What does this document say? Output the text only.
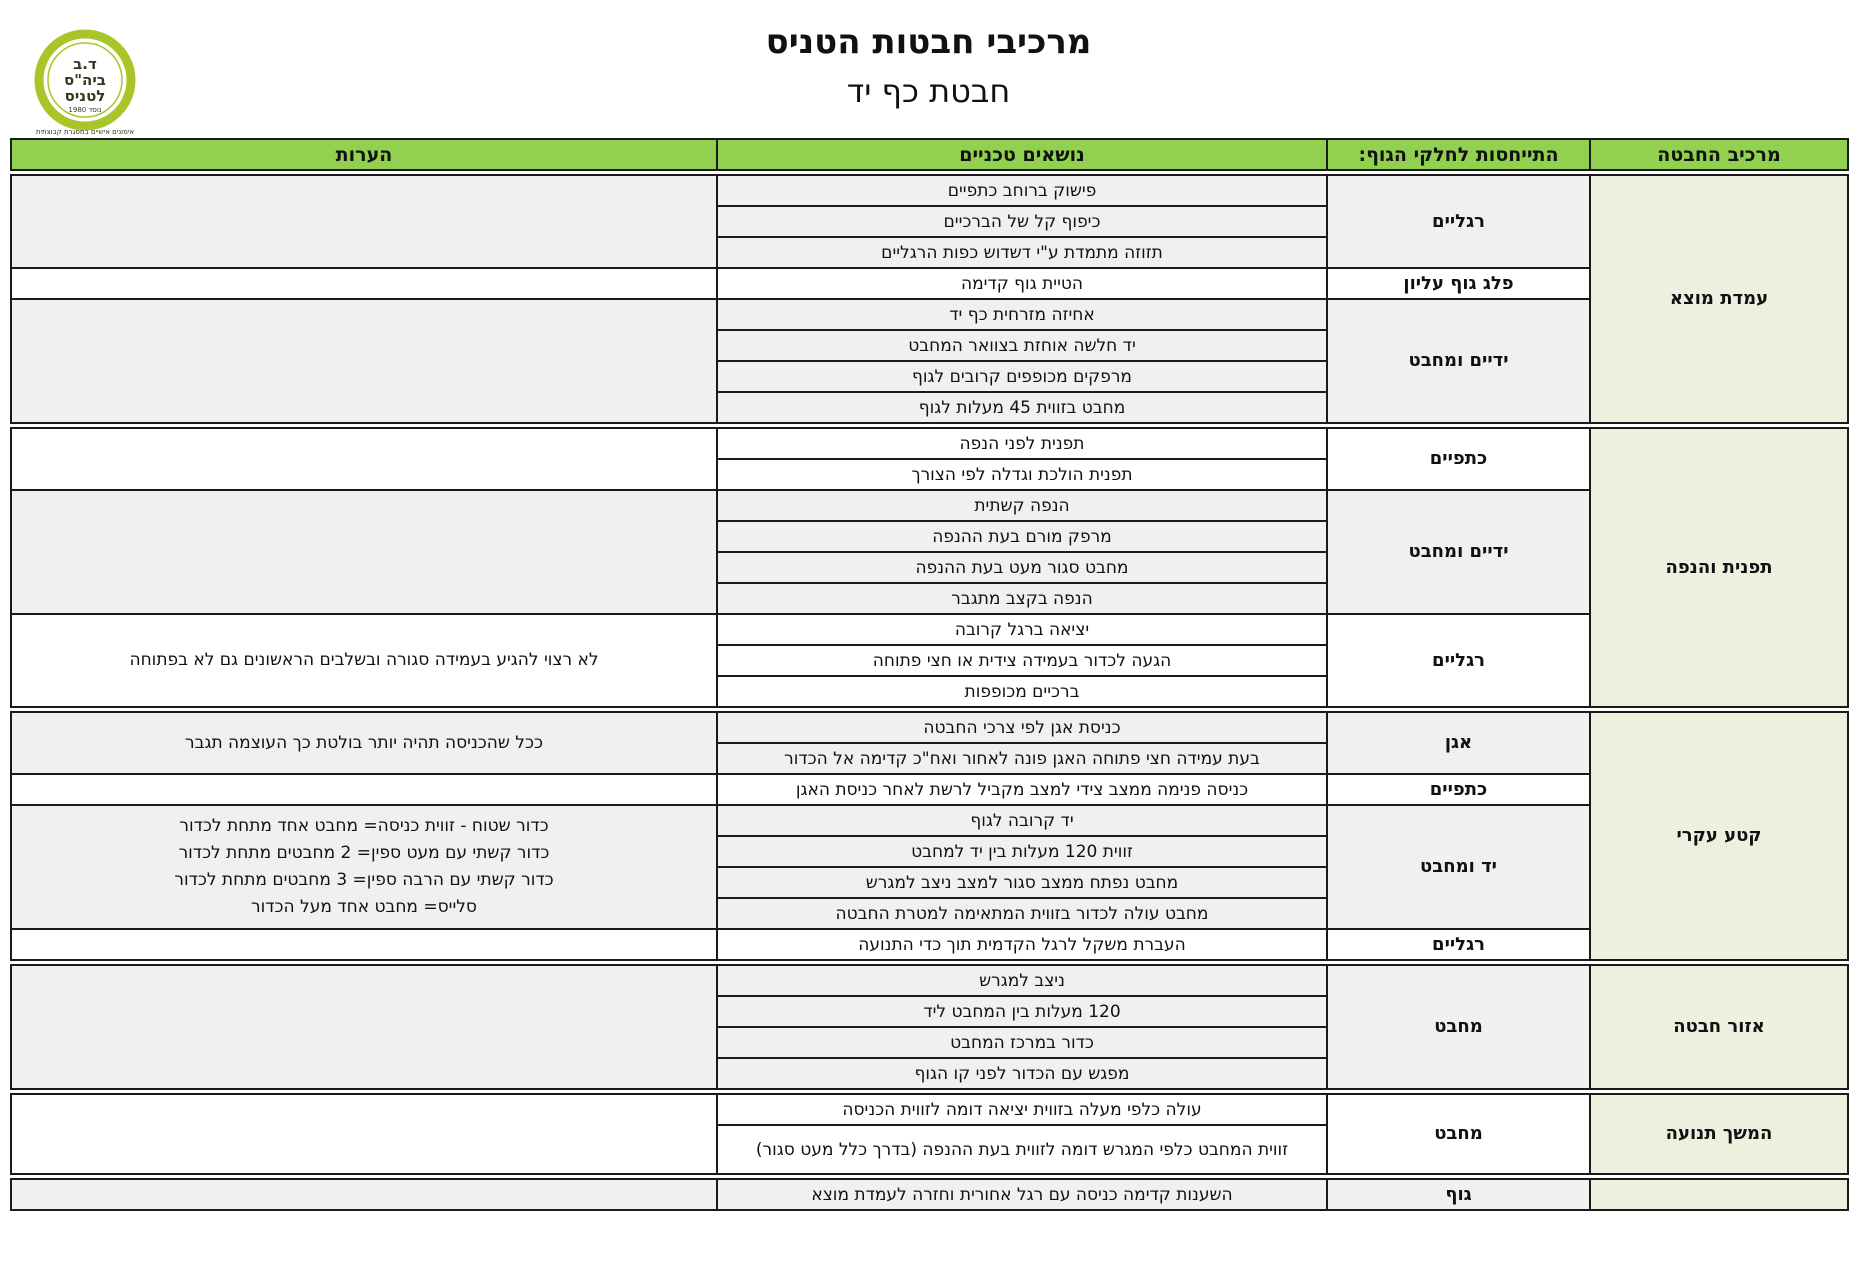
ד.ב
ביה"ס
לטניס
נוסד 1980
אימונים אישיים במסגרת קבוצתית
מרכיבי חבטות הטניס
חבטת כף יד
מרכיב החבטה	התייחסות לחלקי הגוף:	נושאים טכניים	הערות

עמדת מוצא	רגליים	פישוק ברוחב כתפיים	
		כיפוף קל של הברכיים	
		תזוזה מתמדת ע"י דשדוש כפות הרגליים	
	פלג גוף עליון	הטיית גוף קדימה	
	ידיים ומחבט	אחיזה מזרחית כף יד	
		יד חלשה אוחזת בצוואר המחבט	
		מרפקים מכופפים קרובים לגוף	
		מחבט בזווית 45 מעלות לגוף	

תפנית והנפה	כתפיים	תפנית לפני הנפה	
		תפנית הולכת וגדלה לפי הצורך	
	ידיים ומחבט	הנפה קשתית	
		מרפק מורם בעת ההנפה	
		מחבט סגור מעט בעת ההנפה	
		הנפה בקצב מתגבר	
	רגליים	יציאה ברגל קרובה	לא רצוי להגיע בעמידה סגורה ובשלבים הראשונים גם לא בפתוחה
		הגעה לכדור בעמידה צידית או חצי פתוחה	
		ברכיים מכופפות	

קטע עקרי	אגן	כניסת אגן לפי צרכי החבטה	ככל שהכניסה תהיה יותר בולטת כך העוצמה תגבר
		בעת עמידה חצי פתוחה האגן פונה לאחור ואח"כ קדימה אל הכדור	
	כתפיים	כניסה פנימה ממצב צידי למצב מקביל לרשת לאחר כניסת האגן	
	יד ומחבט	יד קרובה לגוף	כדור שטוח - זווית כניסה= מחבט אחד מתחת לכדור
כדור קשתי עם מעט ספין= 2 מחבטים מתחת לכדור
כדור קשתי עם הרבה ספין= 3 מחבטים מתחת לכדור
סלייס= מחבט אחד מעל הכדור

		זווית 120 מעלות בין יד למחבט	
		מחבט נפתח ממצב סגור למצב ניצב למגרש	
		מחבט עולה לכדור בזווית המתאימה למטרת החבטה	
	רגליים	העברת משקל לרגל הקדמית תוך כדי התנועה	

אזור חבטה	מחבט	ניצב למגרש	
		120 מעלות בין המחבט ליד	
		כדור במרכז המחבט	
		מפגש עם הכדור לפני קו הגוף	

המשך תנועה	מחבט	עולה כלפי מעלה בזווית יציאה דומה לזווית הכניסה	
		זווית המחבט כלפי המגרש דומה לזווית בעת ההנפה (בדרך כלל מעט סגור)	

	גוף	השענות קדימה כניסה עם רגל אחורית וחזרה לעמדת מוצא	
